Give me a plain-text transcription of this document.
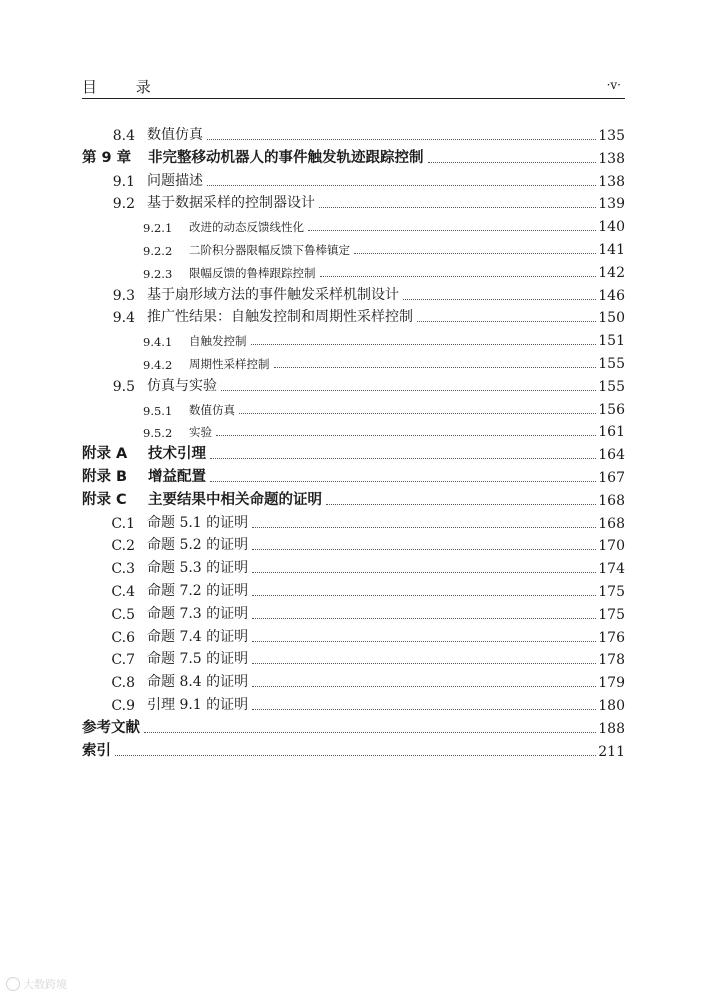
目 录	·v·
8.4 数值仿真	135
第 9 章	非完整移动机器人的事件触发轨迹跟踪控制	138
9.1 问题描述	138
9.2 基于数据采样的控制器设计	139
9.2.1	改进的动态反馈线性化	140
9.2.2	二阶积分器限幅反馈下鲁棒镇定	141
9.2.3	限幅反馈的鲁棒跟踪控制	142
9.3 基于扇形域方法的事件触发采样机制设计	146
9.4 推广性结果：自触发控制和周期性采样控制	150
9.4.1	自触发控制	151
9.4.2	周期性采样控制	155
9.5 仿真与实验	155
9.5.1	数值仿真	156
9.5.2	实验	161
附录 A	技术引理	164
附录 B	增益配置	167
附录 C	主要结果中相关命题的证明	168
C.1 命题 5.1 的证明	168
C.2 命题 5.2 的证明	170
C.3 命题 5.3 的证明	174
C.4 命题 7.2 的证明	175
C.5 命题 7.3 的证明	175
C.6 命题 7.4 的证明	176
C.7 命题 7.5 的证明	178
C.8 命题 8.4 的证明	179
C.9 引理 9.1 的证明	180
参考文献	188
索引	211
大数跨境
